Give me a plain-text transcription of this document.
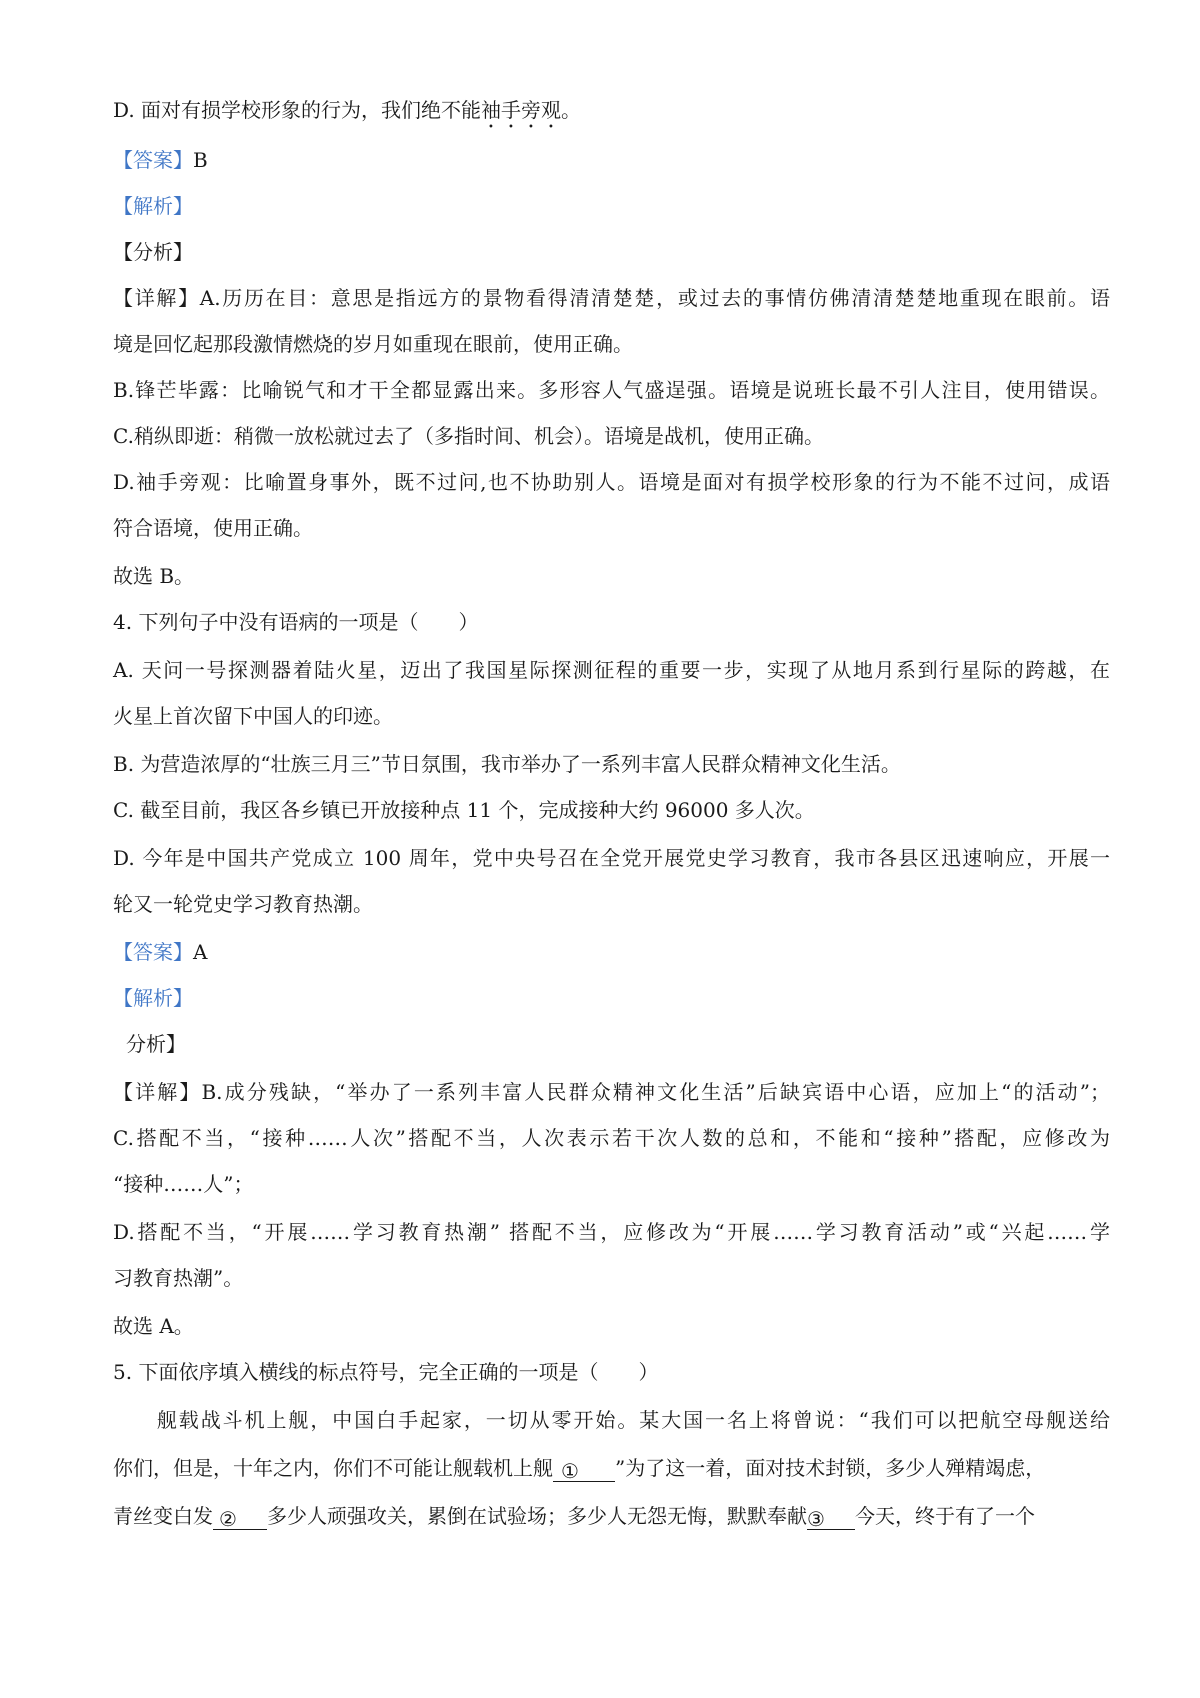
D. 面对有损学校形象的行为，我们绝不能袖手旁观。
【答案】B
【解析】
【分析】
【详解】A.历历在目：意思是指远方的景物看得清清楚楚，或过去的事情仿佛清清楚楚地重现在眼前。语
境是回忆起那段激情燃烧的岁月如重现在眼前，使用正确。
B.锋芒毕露：比喻锐气和才干全都显露出来。多形容人气盛逞强。语境是说班长最不引人注目，使用错误。
C.稍纵即逝：稍微一放松就过去了（多指时间、机会）。语境是战机，使用正确。
D.袖手旁观：比喻置身事外，既不过问,也不协助别人。语境是面对有损学校形象的行为不能不过问，成语
符合语境，使用正确。
故选 B。
4. 下列句子中没有语病的一项是（　　）
A. 天问一号探测器着陆火星，迈出了我国星际探测征程的重要一步，实现了从地月系到行星际的跨越，在
火星上首次留下中国人的印迹。
B. 为营造浓厚的“壮族三月三”节日氛围，我市举办了一系列丰富人民群众精神文化生活。
C. 截至目前，我区各乡镇已开放接种点 11 个，完成接种大约 96000 多人次。
D. 今年是中国共产党成立 100 周年，党中央号召在全党开展党史学习教育，我市各县区迅速响应，开展一
轮又一轮党史学习教育热潮。
【答案】A
【解析】
分析】
【详解】B.成分残缺，“举办了一系列丰富人民群众精神文化生活”后缺宾语中心语，应加上“的活动”；
C.搭配不当，“接种……人次”搭配不当，人次表示若干次人数的总和，不能和“接种”搭配，应修改为
“接种……人”；
D.搭配不当，“开展……学习教育热潮” 搭配不当，应修改为“开展……学习教育活动”或“兴起……学
习教育热潮”。
故选 A。
5. 下面依序填入横线的标点符号，完全正确的一项是（　　）
　　舰载战斗机上舰，中国白手起家，一切从零开始。某大国一名上将曾说：“我们可以把航空母舰送给
你们，但是，十年之内，你们不可能让舰载机上舰 ① ”为了这一着，面对技术封锁，多少人殚精竭虑，
青丝变白发 ② 多少人顽强攻关，累倒在试验场；多少人无怨无悔，默默奉献③ 今天，终于有了一个
